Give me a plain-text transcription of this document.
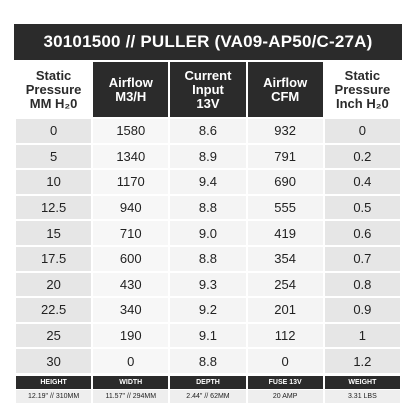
30101500 // PULLER (VA09-AP50/C-27A)
Static
Pressure
MM H₂0	Airflow
M3/H	Current
Input
13V	Airflow
CFM	Static
Pressure
Inch H₂0

0	1580	8.6	932	0
5	1340	8.9	791	0.2
10	1170	9.4	690	0.4
12.5	940	8.8	555	0.5
15	710	9.0	419	0.6
17.5	600	8.8	354	0.7
20	430	9.3	254	0.8
22.5	340	9.2	201	0.9
25	190	9.1	112	1
30	0	8.8	0	1.2
HEIGHT	WIDTH	DEPTH	FUSE 13V	WEIGHT
12.19" // 310MM	11.57" // 294MM	2.44" // 62MM	20 AMP	3.31 LBS
